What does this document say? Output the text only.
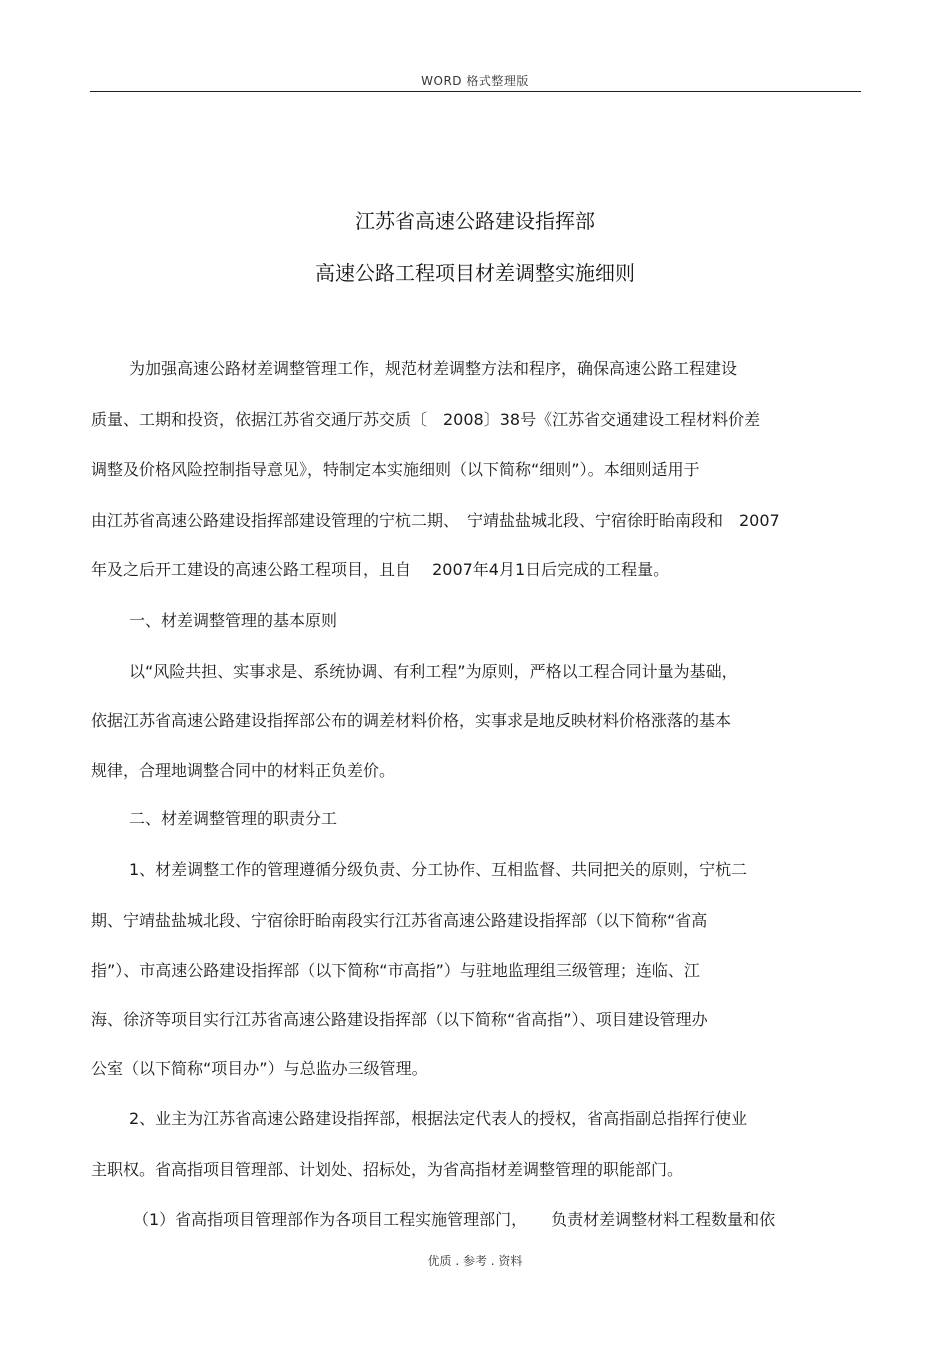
WORD 格式整理版
江苏省高速公路建设指挥部
高速公路工程项目材差调整实施细则
为加强高速公路材差调整管理工作，规范材差调整方法和程序，确保高速公路工程建设
质量、工期和投资，依据江苏省交通厅苏交质〔　2008〕38号《江苏省交通建设工程材料价差
调整及价格风险控制指导意见》，特制定本实施细则（以下简称“细则”）。本细则适用于
由江苏省高速公路建设指挥部建设管理的宁杭二期、　宁靖盐盐城北段、宁宿徐盱眙南段和　2007
年及之后开工建设的高速公路工程项目，且自　 2007年4月1日后完成的工程量。
一、材差调整管理的基本原则
以“风险共担、实事求是、系统协调、有利工程”为原则，严格以工程合同计量为基础，
依据江苏省高速公路建设指挥部公布的调差材料价格，实事求是地反映材料价格涨落的基本
规律，合理地调整合同中的材料正负差价。
二、材差调整管理的职责分工
1、材差调整工作的管理遵循分级负责、分工协作、互相监督、共同把关的原则，宁杭二
期、宁靖盐盐城北段、宁宿徐盱眙南段实行江苏省高速公路建设指挥部（以下简称“省高
指”）、市高速公路建设指挥部（以下简称“市高指”）与驻地监理组三级管理；连临、江
海、徐济等项目实行江苏省高速公路建设指挥部（以下简称“省高指”）、项目建设管理办
公室（以下简称“项目办”）与总监办三级管理。
2、业主为江苏省高速公路建设指挥部，根据法定代表人的授权，省高指副总指挥行使业
主职权。省高指项目管理部、计划处、招标处，为省高指材差调整管理的职能部门。
（1）省高指项目管理部作为各项目工程实施管理部门，　　负责材差调整材料工程数量和依
优质 . 参考 . 资料
